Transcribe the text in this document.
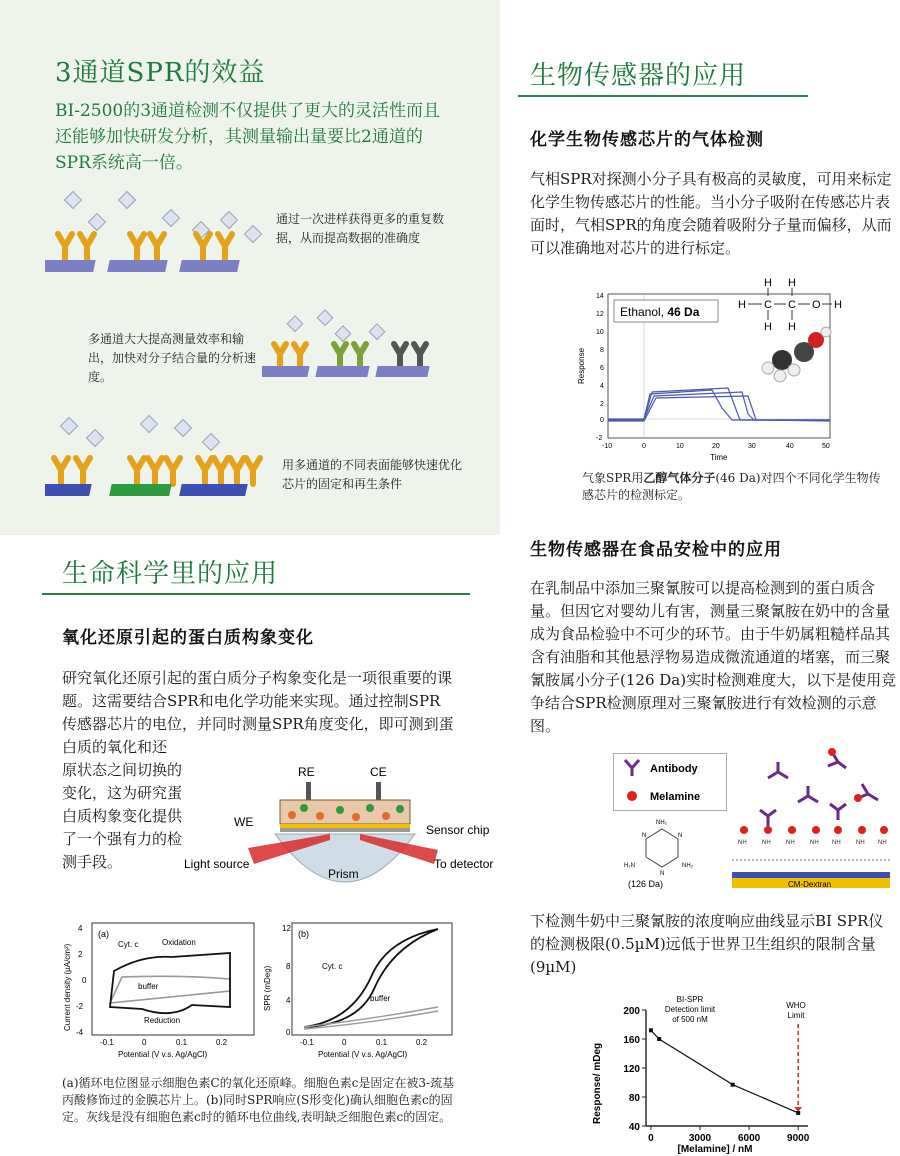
3通道SPR的效益
BI-2500的3通道检测不仅提供了更大的灵活性而且还能够加快研发分析，其测量输出量要比2通道的SPR系统高一倍。
通过一次进样获得更多的重复数据，从而提高数据的准确度
多通道大大提高测量效率和输出，加快对分子结合量的分析速度。
用多通道的不同表面能够快速优化芯片的固定和再生条件
生命科学里的应用
氧化还原引起的蛋白质构象变化
研究氧化还原引起的蛋白质分子构象变化是一项很重要的课题。这需要结合SPR和电化学功能来实现。通过控制SPR传感器芯片的电位，并同时测量SPR角度变化，即可测到蛋白质的氧化和还
原状态之间切换的变化，这为研究蛋白质构象变化提供了一个强有力的检测手段。
RE	CE
WE
Sensor chip
Light source	To detector
Prism
(a)
Cyt. c	Oxidation
buffer
Reduction
4
2
0
-2
-4
-0.1	0	0.1	0.2
Potential (V v.s. Ag/AgCl)
Current density (µA/cm²)
(b)
Cyt. c
buffer
12
8
4
0
-0.1	0	0.1	0.2
Potential (V v.s. Ag/AgCl)
SPR (mDeg)
(a)循环电位图显示细胞色素C的氧化还原峰。细胞色素c是固定在被3-巯基丙酸修饰过的金膜芯片上。(b)同时SPR响应(S形变化)确认细胞色素c的固定。灰线是没有细胞色素c时的循环电位曲线,表明缺乏细胞色素c的固定。
生物传感器的应用
化学生物传感芯片的气体检测
气相SPR对探测小分子具有极高的灵敏度，可用来标定化学生物传感芯片的性能。当小分子吸附在传感芯片表面时，气相SPR的角度会随着吸附分子量而偏移，从而可以准确地对芯片的进行标定。
Ethanol, 46 Da
14
12
10
8
6
4
2
0
-2
-10	0	10	20	30	40	50
Time
Response
H H
H C C O H
H H
气象SPR用乙醇气体分子(46 Da)对四个不同化学生物传感芯片的检测标定。
生物传感器在食品安检中的应用
在乳制品中添加三聚氰胺可以提高检测到的蛋白质含量。但因它对婴幼儿有害，测量三聚氰胺在奶中的含量成为食品检验中不可少的环节。由于牛奶属粗糙样品其含有油脂和其他悬浮物易造成微流通道的堵塞，而三聚氰胺属小分子(126 Da)实时检测难度大，以下是使用竞争结合SPR检测原理对三聚氰胺进行有效检测的示意图。
Antibody
Melamine
NH₂
NH₂
H₂N
N	N
N
(126 Da)
NH	NH	NH	NH NH	NH NH
CM-Dextran
下检测牛奶中三聚氰胺的浓度响应曲线显示BI SPR仪的检测极限(0.5µM)远低于世界卫生组织的限制含量(9µM)
40
80
120
160
200
0	3000	6000	9000
BI-SPR
Detection limit
of 500 nM
WHO
Limit
[Melamine] / nM
Response/ mDeg
